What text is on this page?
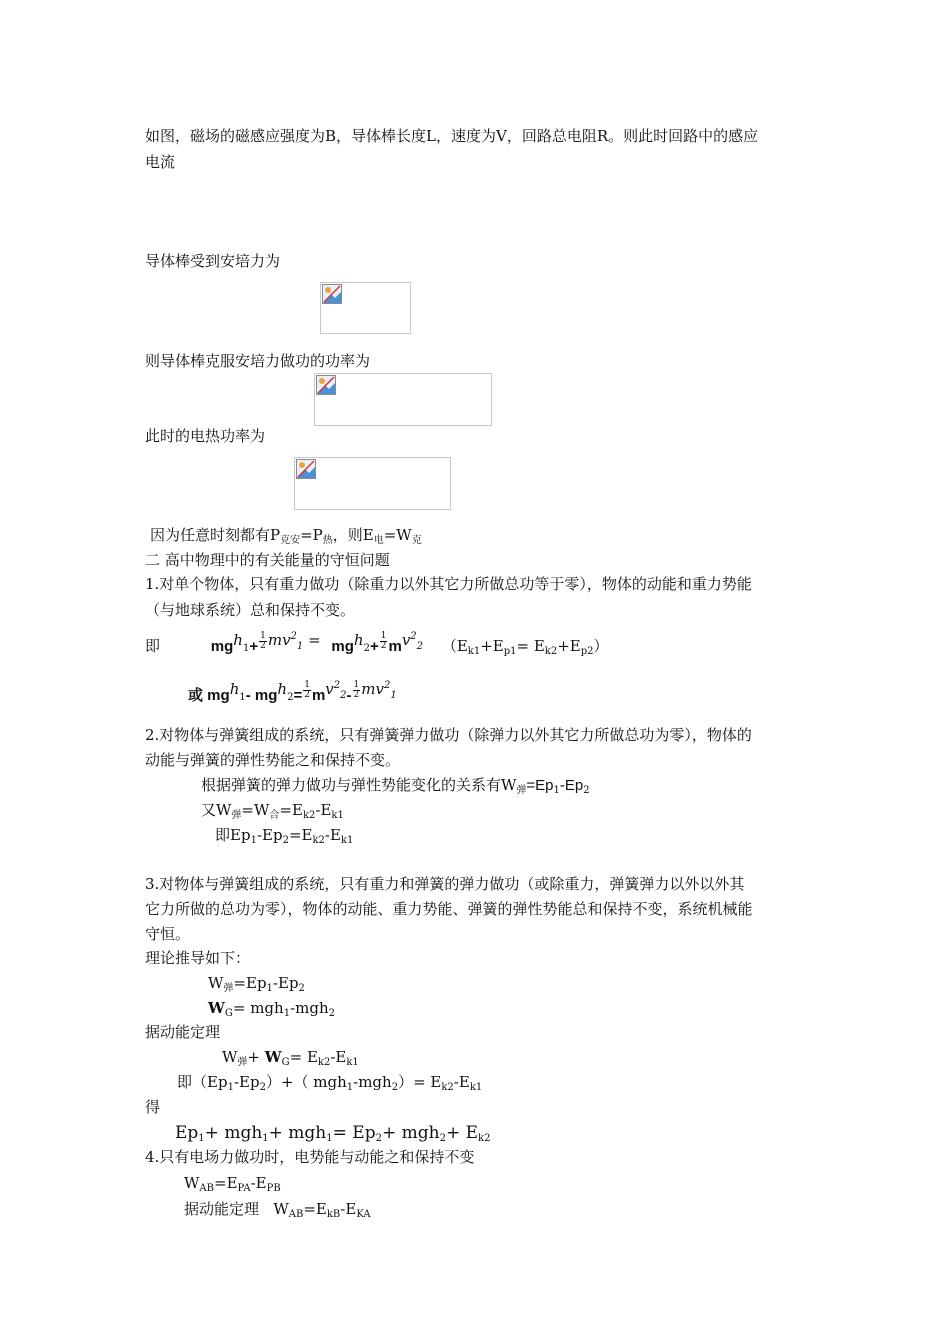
如图，磁场的磁感应强度为B，导体棒长度L，速度为V，回路总电阻R。则此时回路中的感应
电流
导体棒受到安培力为
则导体棒克服安培力做功的功率为
此时的电热功率为
因为任意时刻都有$P_{克安}=P_热$，则$E_电=W_克$
二 高中物理中的有关能量的守恒问题
1.对单个物体，只有重力做功（除重力以外其它力所做总功等于零），物体的动能和重力势能
（与地球系统）总和保持不变。
即	$mgh1+ \frac{1}{2} mv^2_1 = mgh2+ \frac{1}{2} mv^2_2$ $(E_{k1}+E_{p1}= E_{k2}+E_{p2})$
或 mgh1- $mgh2= \frac{1}{2} mv^2_2- \frac{1}{2} mv^2_1$
2.对物体与弹簧组成的系统，只有弹簧弹力做功（除弹力以外其它力所做总功为零），物体的
动能与弹簧的弹性势能之和保持不变。
根据弹簧的弹力做功与弹性势能变化的关系有$W_弹=Ep_1-Ep_2$
又$W_弹=W_合=E_{k2}-E_{k1}$
即$Ep_1-Ep_2=E_{k2}-E_{k1}$
3.对物体与弹簧组成的系统，只有重力和弹簧的弹力做功（或除重力，弹簧弹力以外以外其
它力所做的总功为零），物体的动能、重力势能、弹簧的弹性势能总和保持不变，系统机械能
守恒。
理论推导如下：
$W_弹=Ep_1-Ep_2$
$W_G= mgh_1-mgh_2$
据动能定理
$W_弹+ W_G= E_{k2}-E_{k1}$
即$(Ep_1-Ep_2)+$（ $mgh_1-mgh_2)= E_{k2}-E_{k1}$
得
Ep1+ mgh1+ mgh1= Ep2+ mgh2+ Ek2
4.只有电场力做功时，电势能与动能之和保持不变
$W_{AB}=E_{PA}-E_{PB}$
据动能定理   $W_{AB}=E_{kB}-E_{KA}$
